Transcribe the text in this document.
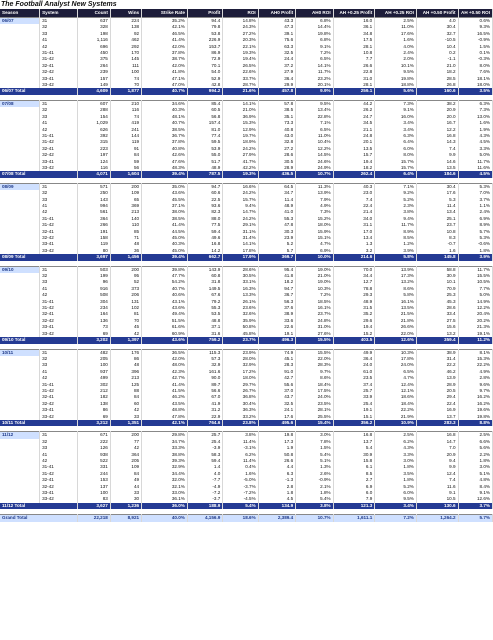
The Football Analyst New Systems
Season	System	Count	Wins	Strike Rate	Profit	ROI	AH0 Profit	AH0 ROI	AH +0.25 Profit	AH +0.25 ROI	AH +0.50 Profit	AH +0.50 ROI
06/07	31	637	224	35.2%	94.4	14.8%	43.3	6.8%	16.0	2.5%	4.0	0.6%
	32	328	138	42.1%	79.8	24.3%	47.3	14.4%	36.1	11.0%	30.4	9.3%
	33	198	92	46.5%	53.8	27.2%	39.1	19.8%	34.8	17.6%	32.7	16.5%
	41	1,116	462	41.4%	226.9	20.3%	75.6	6.8%	17.5	1.6%	-10.5	-0.9%
	42	696	292	42.0%	153.7	22.1%	63.3	9.1%	28.1	4.0%	10.4	1.5%
	31-41	450	170	37.8%	86.9	19.3%	32.5	7.2%	10.8	2.4%	0.2	0.1%
	31-42	375	145	38.7%	72.9	19.4%	24.4	6.5%	7.7	2.0%	-1.1	-0.3%
	32-41	264	111	42.0%	70.1	26.5%	37.2	14.1%	26.6	10.1%	21.0	8.0%
	32-42	239	100	41.8%	54.0	22.6%	27.9	11.7%	22.8	9.5%	18.2	7.6%
	33-41	157	74	47.1%	52.9	33.7%	36.4	23.2%	31.0	19.8%	28.5	18.1%
	33-42	149	70	47.0%	42.8	28.7%	29.9	20.1%	28.1	18.8%	26.8	18.0%
06/07 Total		4,609	1,877	40.7%	994.2	21.6%	457.8	9.9%	259.1	5.6%	160.6	3.5%

07/08	31	607	210	34.6%	85.4	14.1%	57.8	9.5%	44.2	7.3%	38.2	6.3%
	32	288	116	40.3%	60.5	21.0%	38.5	13.4%	26.2	9.1%	20.9	7.3%
	33	154	74	48.1%	56.8	36.9%	35.1	22.8%	24.7	16.0%	20.0	13.0%
	41	1,029	419	40.7%	157.4	15.3%	73.3	7.1%	34.5	3.4%	16.7	1.6%
	42	626	241	38.5%	81.0	12.9%	40.8	6.5%	21.1	3.4%	12.2	1.9%
	31-41	392	144	36.7%	77.4	19.7%	43.0	11.0%	24.8	6.3%	16.8	4.3%
	31-42	315	119	37.8%	59.5	18.9%	32.8	10.4%	20.1	6.4%	14.3	4.5%
	32-41	223	91	40.8%	53.9	24.2%	27.2	12.2%	13.5	6.0%	7.4	3.3%
	32-42	197	84	42.6%	55.0	27.9%	28.6	14.5%	15.7	8.0%	9.9	5.0%
	33-41	124	59	47.6%	51.7	41.7%	30.5	24.6%	19.4	15.7%	14.6	11.7%
	33-42	116	56	48.3%	48.9	42.2%	28.9	24.9%	18.2	15.7%	13.5	11.6%
07/08 Total		4,071	1,604	39.4%	787.5	19.3%	436.5	10.7%	262.4	6.4%	184.6	4.5%

08/09	31	571	200	35.0%	94.7	16.6%	64.5	11.3%	40.3	7.1%	30.4	5.3%
	32	250	109	43.6%	60.6	24.2%	34.7	13.9%	23.0	9.2%	17.6	7.0%
	33	143	65	45.5%	22.5	15.7%	11.4	7.9%	7.4	5.2%	5.3	3.7%
	41	994	369	37.1%	93.6	9.4%	48.9	4.9%	22.4	2.3%	11.4	1.1%
	42	561	213	38.0%	82.3	14.7%	41.0	7.3%	21.4	3.8%	13.4	2.4%
	31-41	364	140	38.5%	88.0	24.2%	55.3	15.2%	34.0	9.4%	25.1	6.9%
	31-42	266	110	41.4%	77.5	29.1%	47.8	18.0%	31.1	11.7%	23.7	8.9%
	32-41	191	85	44.5%	59.4	31.1%	30.3	15.9%	17.0	8.9%	10.8	5.7%
	32-42	158	71	45.0%	49.6	31.4%	23.9	15.1%	13.4	8.5%	8.3	5.3%
	33-41	119	48	40.3%	16.8	14.1%	5.2	4.7%	1.3	1.2%	-0.7	-0.6%
	33-42	80	36	45.0%	14.2	17.8%	5.7	6.9%	3.2	3.9%	1.6	1.8%
08/09 Total		3,697	1,456	39.4%	662.7	17.9%	369.7	10.0%	214.6	5.8%	145.8	3.9%

09/10	31	503	200	39.8%	143.9	28.6%	95.4	19.0%	70.0	13.9%	58.8	11.7%
	32	199	95	47.7%	60.8	30.5%	41.8	21.0%	34.4	17.3%	30.9	15.5%
	33	96	52	54.2%	31.8	33.1%	18.2	19.0%	12.7	13.2%	10.1	10.5%
	41	916	373	40.7%	149.5	16.3%	94.7	10.3%	78.8	8.6%	70.9	7.7%
	42	508	206	40.6%	67.6	13.3%	36.7	7.2%	29.3	5.8%	25.3	5.0%
	31-41	304	131	43.1%	79.2	26.1%	56.3	18.5%	48.9	16.1%	45.3	14.9%
	31-42	234	102	43.6%	55.3	23.6%	37.6	16.1%	31.5	13.5%	28.6	12.2%
	32-41	164	81	49.4%	53.5	32.6%	38.9	23.7%	35.2	21.5%	33.4	20.4%
	32-42	136	70	51.5%	48.8	35.9%	33.6	24.8%	29.6	21.8%	27.5	20.2%
	33-41	73	45	61.6%	37.1	50.8%	22.6	31.0%	19.4	26.6%	15.6	21.3%
	33-42	69	42	60.9%	31.6	45.8%	19.1	27.6%	15.2	22.0%	13.2	19.1%
09/10 Total		3,202	1,397	43.6%	759.2	23.7%	496.3	15.5%	403.5	12.6%	359.4	11.2%

10/11	31	482	176	36.5%	115.3	23.9%	74.9	15.5%	49.9	10.3%	38.9	8.1%
	32	205	86	42.0%	57.3	28.0%	45.1	22.0%	36.4	17.8%	31.4	15.3%
	33	100	48	48.0%	32.9	32.9%	28.3	28.3%	24.0	24.0%	22.2	22.2%
	41	937	396	42.3%	161.6	17.2%	91.0	9.7%	61.0	6.5%	46.2	4.9%
	42	499	213	42.7%	90.0	18.0%	42.7	8.6%	23.5	4.7%	13.9	2.8%
	31-41	302	125	41.4%	89.7	29.7%	55.6	18.4%	37.4	12.4%	28.9	9.6%
	31-42	212	88	41.5%	56.6	26.7%	37.0	17.5%	25.7	12.1%	20.5	9.7%
	32-41	182	84	46.2%	67.0	36.8%	43.7	24.0%	33.9	18.6%	29.4	16.2%
	32-42	138	60	43.5%	41.9	30.4%	32.5	23.5%	25.4	18.4%	22.4	16.2%
	33-41	86	42	48.8%	31.2	36.3%	24.1	28.1%	19.1	22.2%	16.9	19.6%
	33-42	69	33	47.8%	22.9	33.2%	17.6	25.5%	15.1	21.9%	13.7	19.8%
10/11 Total		3,212	1,351	42.1%	764.6	23.8%	495.6	15.4%	356.2	10.9%	283.3	8.8%

11/12	31	671	200	29.8%	25.7	3.8%	19.8	3.0%	16.8	2.5%	16.8	2.5%
	32	222	77	34.7%	25.4	11.4%	17.3	7.8%	13.7	6.2%	14.7	6.6%
	33	126	42	33.3%	-3.9	-3.1%	1.9	1.5%	5.4	4.3%	7.0	5.6%
	41	938	364	38.8%	58.3	6.2%	50.8	5.4%	30.9	3.3%	20.9	2.2%
	42	522	205	39.3%	59.4	11.4%	26.6	5.1%	15.8	3.0%	9.4	1.8%
	31-41	331	109	32.9%	1.4	0.4%	4.4	1.3%	6.1	1.8%	9.9	3.0%
	31-42	244	84	34.4%	4.0	1.6%	6.3	2.6%	8.5	3.5%	12.4	5.1%
	32-41	153	49	32.0%	-7.7	-5.0%	-1.3	-0.9%	2.7	1.8%	7.4	4.8%
	32-42	137	44	32.1%	-4.9	-3.7%	2.8	2.1%	6.9	5.2%	11.6	8.4%
	33-41	100	33	33.0%	-7.2	-7.2%	1.8	1.8%	6.0	6.0%	9.1	9.1%
	33-42	83	30	36.1%	-3.7	-4.5%	4.5	5.4%	7.9	9.5%	10.5	12.6%
11/12 Total		3,627	1,236	36.0%	188.9	5.4%	134.9	3.8%	121.3	3.4%	130.6	3.7%

Grand Total		22,218	8,921	40.0%	4,156.9	18.6%	2,389.4	10.7%	1,611.1	7.2%	1,264.2	5.7%
